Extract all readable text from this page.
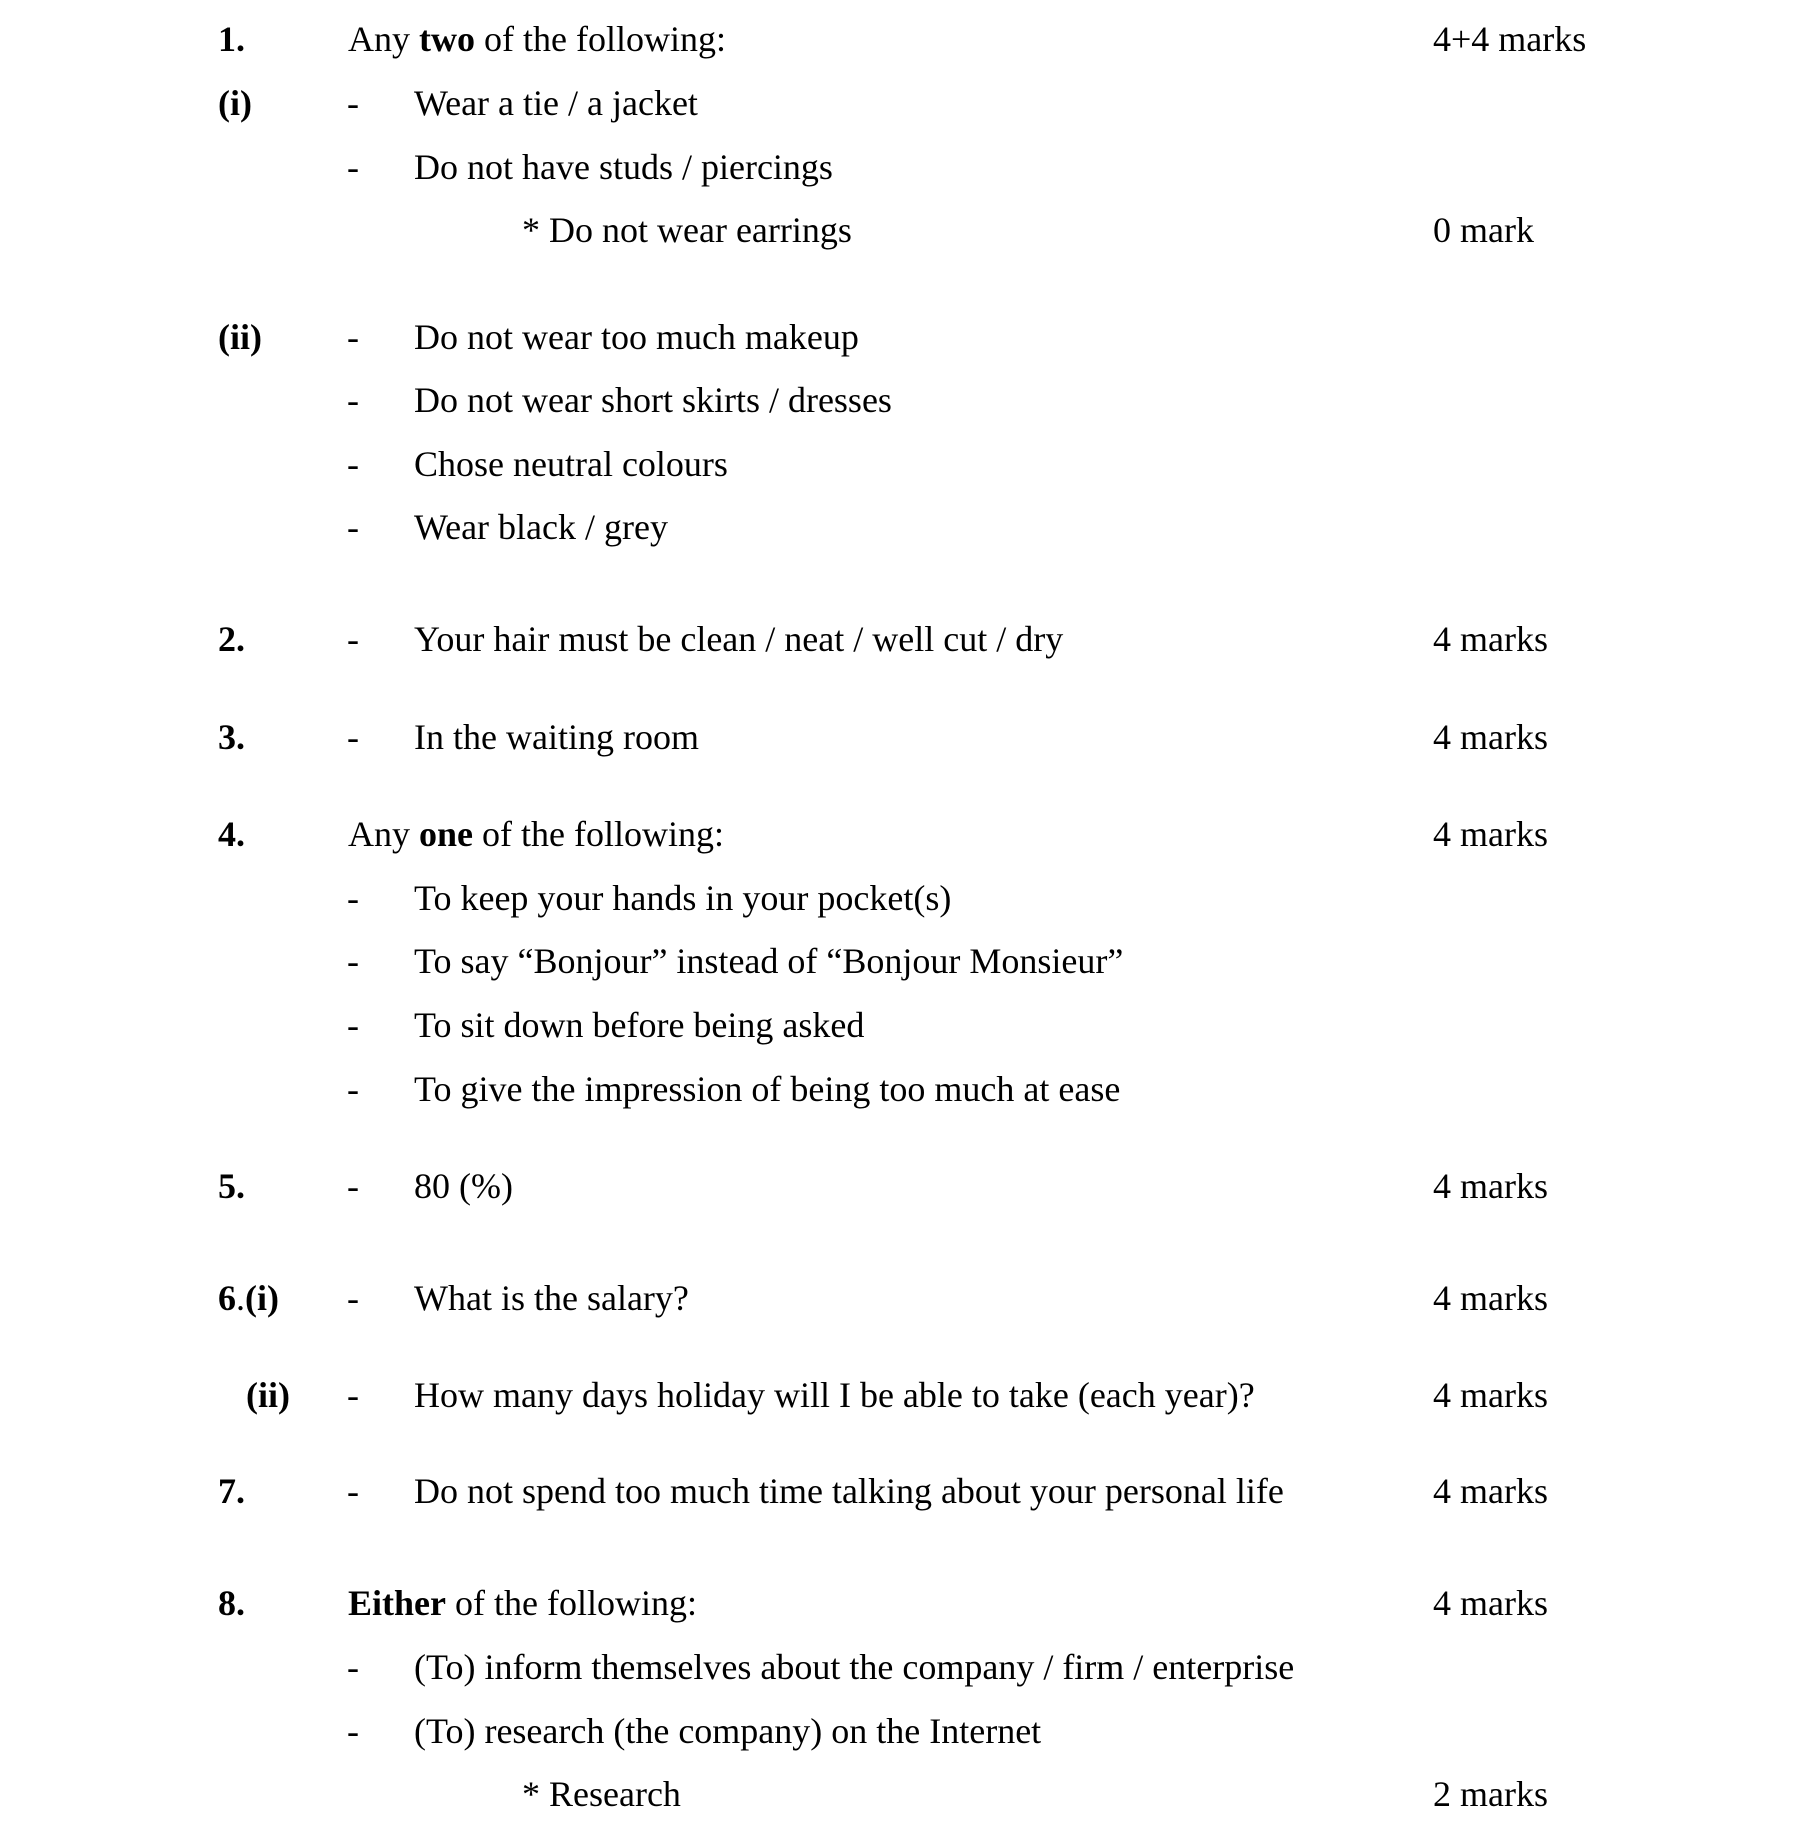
1.	Any two of the following:	4+4 marks
(i)	- Wear a tie / a jacket
- Do not have studs / piercings
* Do not wear earrings	0 mark
(ii) - Do not wear too much makeup
- Do not wear short skirts / dresses
- Chose neutral colours
- Wear black / grey
2.	- Your hair must be clean / neat / well cut / dry	4 marks
3.	- In the waiting room	4 marks
4.	Any one of the following:	4 marks
- To keep your hands in your pocket(s)
- To say “Bonjour” instead of “Bonjour Monsieur”
- To sit down before being asked
- To give the impression of being too much at ease
5.	- 80 (%)	4 marks
6.(i) - What is the salary?	4 marks
(ii) - How many days holiday will I be able to take (each year)?	4 marks
7.	- Do not spend too much time talking about your personal life	4 marks
8.	Either of the following:	4 marks
- (To) inform themselves about the company / firm / enterprise
- (To) research (the company) on the Internet
* Research	2 marks
